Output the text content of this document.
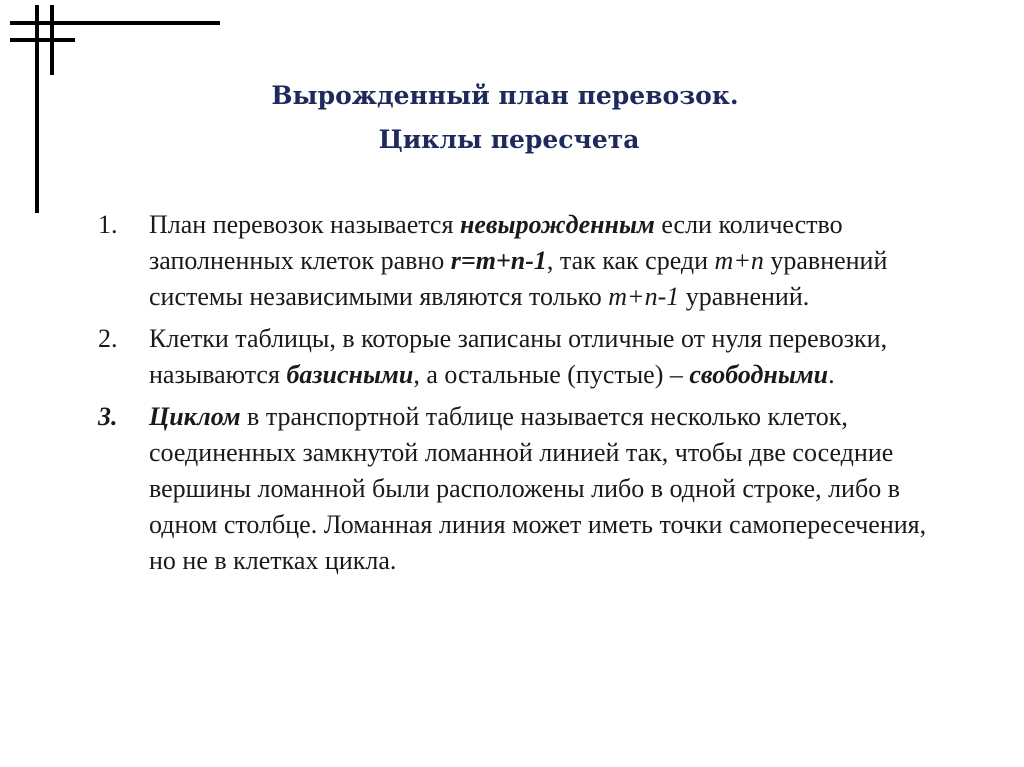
Вырожденный план перевозок.
Циклы пересчета
1. План перевозок называется невырожденным если количество заполненных клеток равно r=m+n-1, так как среди m+n уравнений системы независимыми являются только m+n-1 уравнений.
2. Клетки таблицы, в которые записаны отличные от нуля перевозки, называются базисными, а остальные (пустые) – свободными.
3. Циклом в транспортной таблице называется несколько клеток, соединенных замкнутой ломанной линией так, чтобы две соседние вершины ломанной были расположены либо в одной строке, либо в одном столбце. Ломанная линия может иметь точки самопересечения, но не в клетках цикла.
